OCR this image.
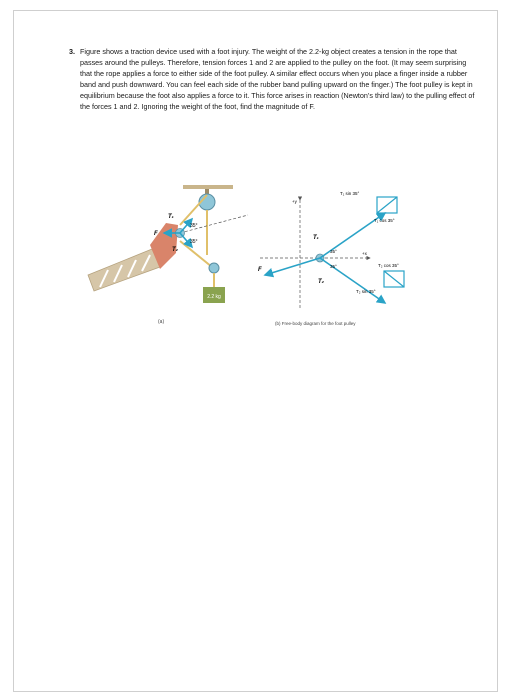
3. Figure shows a traction device used with a foot injury. The weight of the 2.2-kg object creates a tension in the rope that passes around the pulleys. Therefore, tension forces 1 and 2 are applied to the pulley on the foot. (It may seem surprising that the rope applies a force to either side of the foot pulley. A similar effect occurs when you place a finger inside a rubber band and push downward. You can feel each side of the rubber band pulling upward on the finger.) The foot pulley is kept in equilibrium because the foot also applies a force to it. This force arises in reaction (Newton’s third law) to the pulling effect of the forces 1 and 2. Ignoring the weight of the foot, find the magnitude of F.
2.2 kg
T₁
T₂
F
35°
35°
(a)
+y
+x
T₁
T₂
F
35°
35°
T₁ sin 35°
T₁ cos 35°
T₂ cos 35°
T₂ sin 35°
(b) Free-body diagram for the foot pulley
